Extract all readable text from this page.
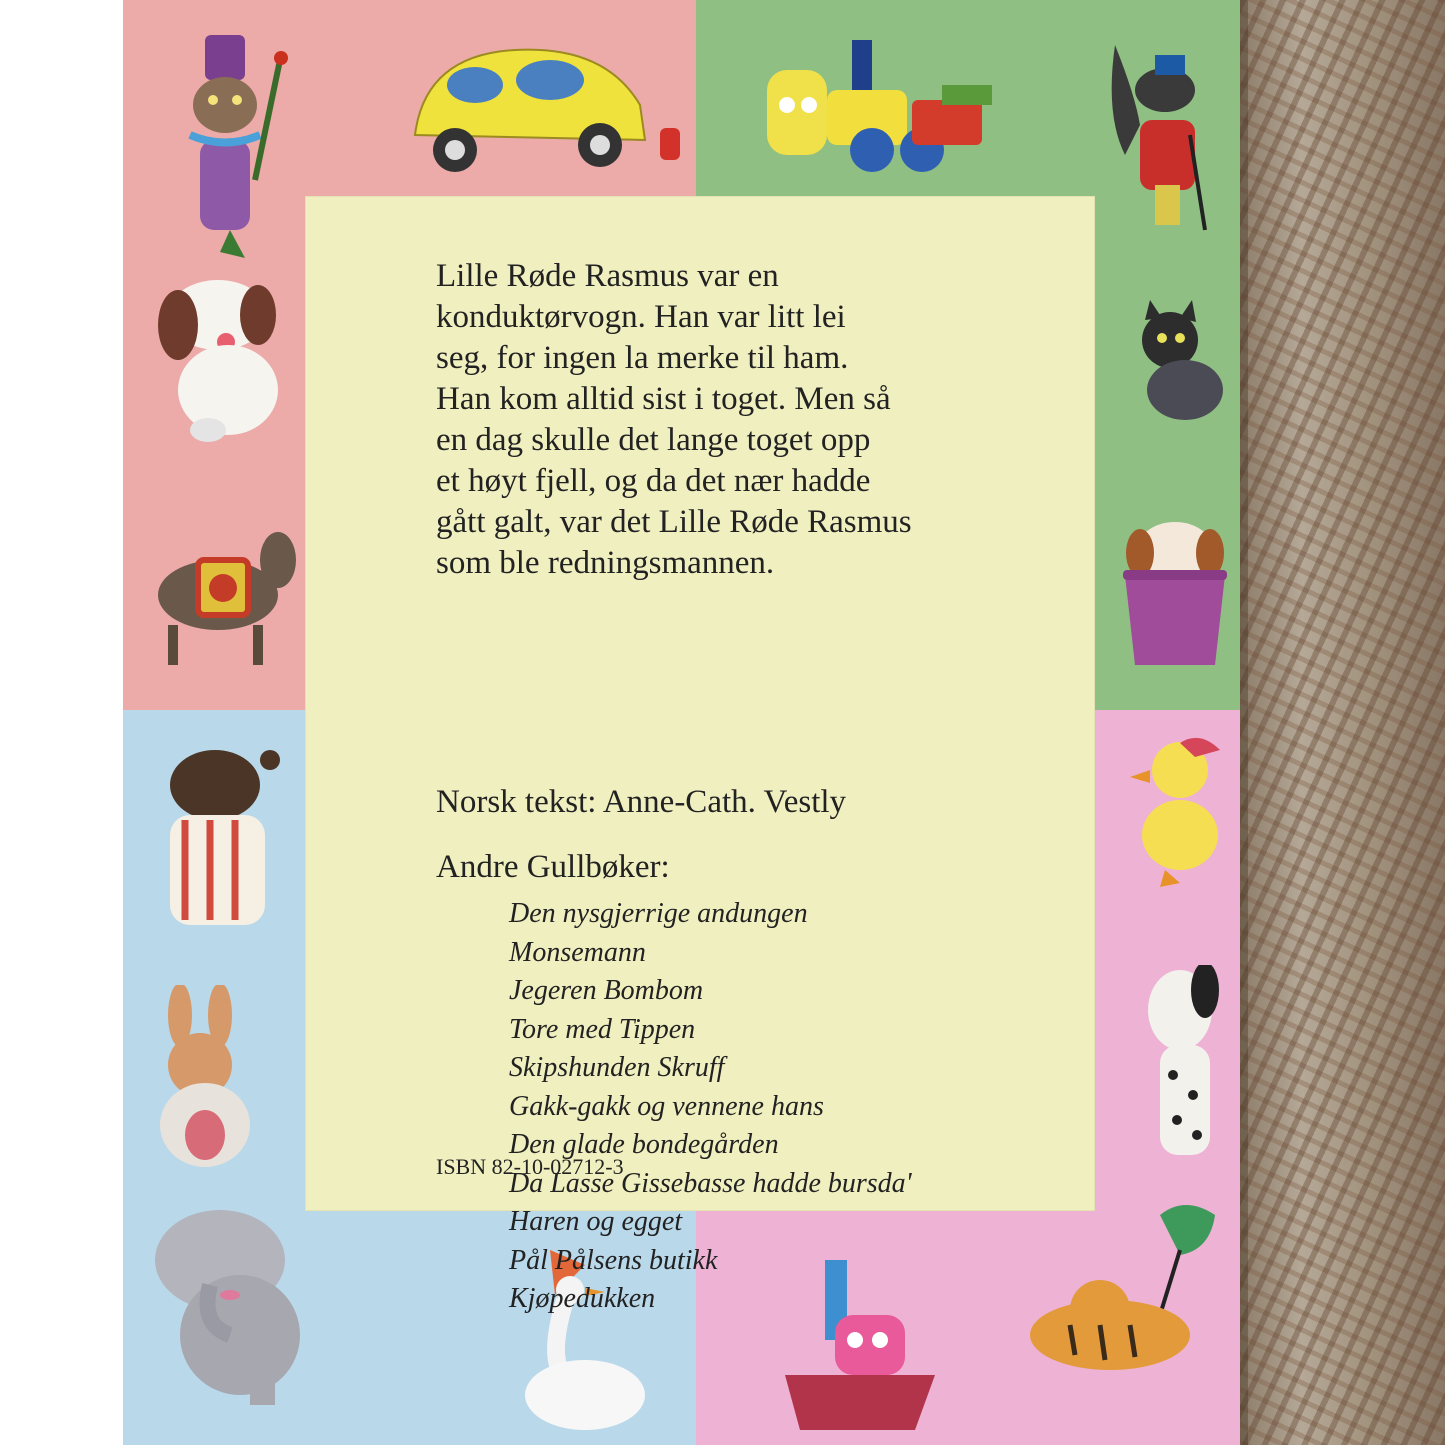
Lille Røde Rasmus var en
konduktørvogn. Han var litt lei
seg, for ingen la merke til ham.
Han kom alltid sist i toget. Men så
en dag skulle det lange toget opp
et høyt fjell, og da det nær hadde
gått galt, var det Lille Røde Rasmus
som ble redningsmannen.
Norsk tekst: Anne-Cath. Vestly
Andre Gullbøker:
Den nysgjerrige andungen
Monsemann
Jegeren Bombom
Tore med Tippen
Skipshunden Skruff
Gakk-gakk og vennene hans
Den glade bondegården
Da Lasse Gissebasse hadde bursda'
Haren og egget
Pål Pålsens butikk
Kjøpedukken
ISBN 82-10-02712-3
